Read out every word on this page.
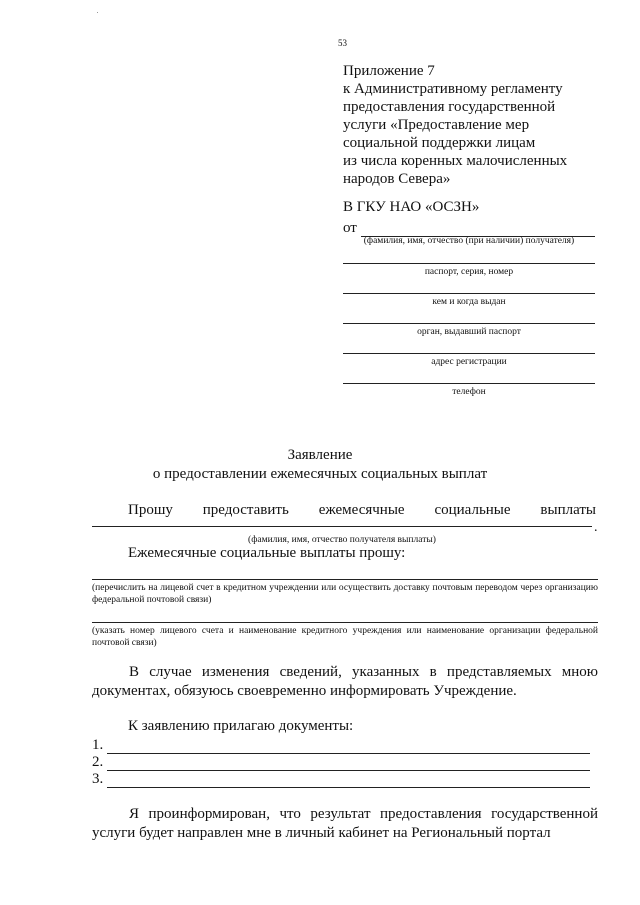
53
Приложение 7
к Административному регламенту
предоставления государственной
услуги «Предоставление мер
социальной поддержки лицам
из числа коренных малочисленных
народов Севера»
В ГКУ НАО «ОСЗН»
от
(фамилия, имя, отчество (при наличии) получателя)
паспорт, серия, номер
кем и когда выдан
орган, выдавший паспорт
адрес регистрации
телефон
Заявление
о предоставлении ежемесячных социальных выплат
Прошу предоставить ежемесячные социальные выплаты
.
(фамилия, имя, отчество получателя выплаты)
Ежемесячные социальные выплаты прошу:
(перечислить на лицевой счет в кредитном учреждении или осуществить доставку почтовым переводом через организацию федеральной почтовой связи)
(указать номер лицевого счета и наименование кредитного учреждения или наименование организации федеральной почтовой связи)
В случае изменения сведений, указанных в представляемых мною документах, обязуюсь своевременно информировать Учреждение.
К заявлению прилагаю документы:
1.
2.
3.
Я проинформирован, что результат предоставления государственной услуги будет направлен мне в личный кабинет на Региональный портал
